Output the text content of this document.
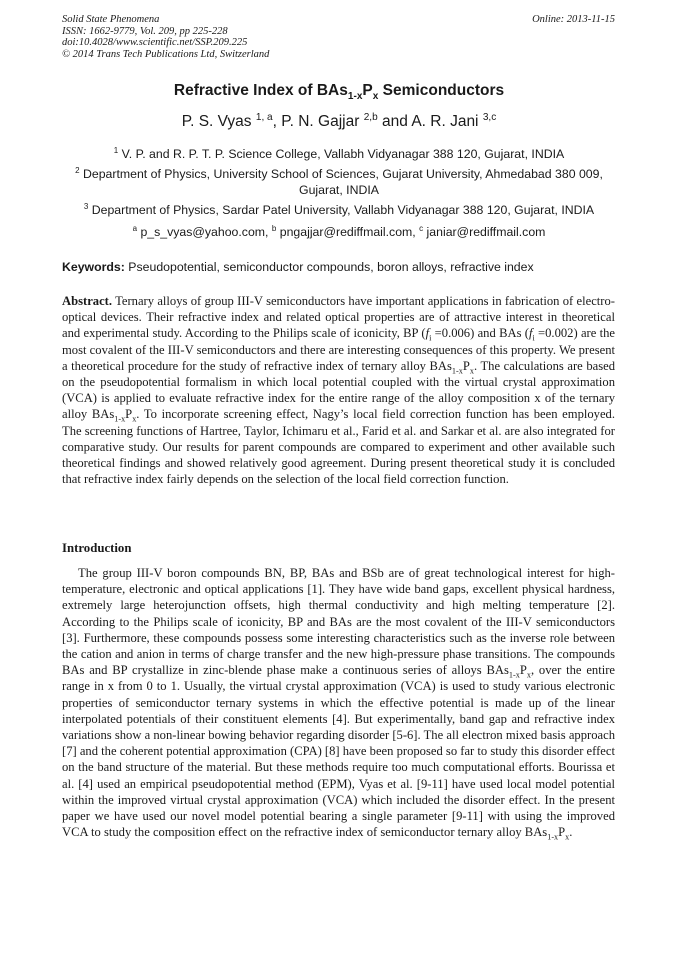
Solid State Phenomena
ISSN: 1662-9779, Vol. 209, pp 225-228
doi:10.4028/www.scientific.net/SSP.209.225
© 2014 Trans Tech Publications Ltd, Switzerland
Online: 2013-11-15
Refractive Index of $BAs_{1-x}P_x$ Semiconductors
P. S. Vyas $^{1, a}$, P. N. Gajjar $^{2,b}$ and A. R. Jani $^{3,c}$
$^1$ V. P. and R. P. T. P. Science College, Vallabh Vidyanagar 388 120, Gujarat, INDIA
$^2$ Department of Physics, University School of Sciences, Gujarat University, Ahmedabad 380 009, Gujarat, INDIA
$^3$ Department of Physics, Sardar Patel University, Vallabh Vidyanagar 388 120, Gujarat, INDIA
$^a$ p_s_vyas@yahoo.com, $^b$ pngajjar@rediffmail.com, $^c$ janiar@rediffmail.com
Keywords: Pseudopotential, semiconductor compounds, boron alloys, refractive index

Abstract. Ternary alloys of group III-V semiconductors have important applications in fabrication of electro-optical devices. Their refractive index and related optical properties are of attractive interest in theoretical and experimental study. According to the Philips scale of iconicity, BP $(f_i =0.006)$ and BAs $(f_i =0.002)$ are the most covalent of the III-V semiconductors and there are interesting consequences of this property. We present a theoretical procedure for the study of refractive index of ternary alloy $BAs_{1-x}P_x$. The calculations are based on the pseudopotential formalism in which local potential coupled with the virtual crystal approximation (VCA) is applied to evaluate refractive index for the entire range of the alloy composition x of the ternary alloy $BAs_{1-x}P_x$. To incorporate screening effect, Nagy’s local field correction function has been employed. The screening functions of Hartree, Taylor, Ichimaru et al., Farid et al. and Sarkar et al. are also integrated for comparative study. Our results for parent compounds are compared to experiment and other available such theoretical findings and showed relatively good agreement. During present theoretical study it is concluded that refractive index fairly depends on the selection of the local field correction function.

Introduction

The group III-V boron compounds BN, BP, BAs and BSb are of great technological interest for high-temperature, electronic and optical applications [1]. They have wide band gaps, excellent physical hardness, extremely large heterojunction offsets, high thermal conductivity and high melting temperature [2]. According to the Philips scale of iconicity, BP and BAs are the most covalent of the III-V semiconductors [3]. Furthermore, these compounds possess some interesting characteristics such as the inverse role between the cation and anion in terms of charge transfer and the new high-pressure phase transitions. The compounds BAs and BP crystallize in zinc-blende phase make a continuous series of alloys $BAs_{1-x}P_x$, over the entire range in x from 0 to 1. Usually, the virtual crystal approximation (VCA) is used to study various electronic properties of semiconductor ternary systems in which the effective potential is made up of the linear interpolated potentials of their constituent elements [4]. But experimentally, band gap and refractive index variations show a non-linear bowing behavior regarding disorder [5-6]. The all electron mixed basis approach [7] and the coherent potential approximation (CPA) [8] have been proposed so far to study this disorder effect on the band structure of the material. But these methods require too much computational efforts. Bourissa et al. [4] used an empirical pseudopotential method (EPM), Vyas et al. [9-11] have used local model potential within the improved virtual crystal approximation (VCA) which included the disorder effect. In the present paper we have used our novel model potential bearing a single parameter [9-11] with using the improved VCA to study the composition effect on the refractive index of semiconductor ternary alloy $BAs_{1-x}P_x$.
